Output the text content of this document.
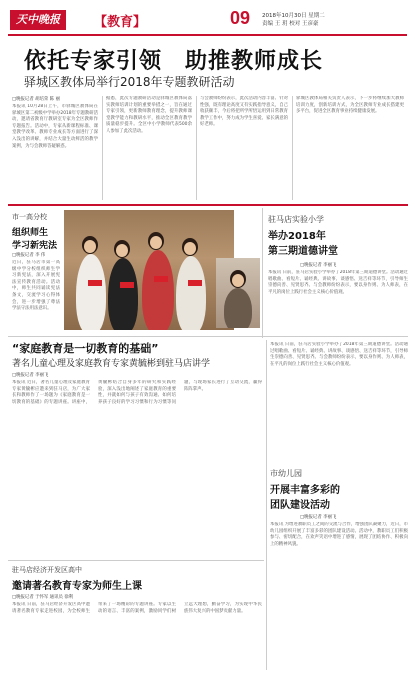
天中晚报	【教育】	09 2018年10月30日 星期二
责编 王 玥 校对 王彦豪
依托专家引领　助推教师成长
驿城区教体局举行2018年专题教研活动
□晚报记者 胡培荣 陈 丽
本报讯 10月28日上午，市驿城区教体局在驿城区第二初级中学举办2018年专题教研活动，邀请省教育厅教研室专家为全区教师作专题报告。活动中，专家从新课程标准、课堂教学改革、教师专业成长等方面进行了深入浅出的讲解，并结合大量生动鲜活的教学案例，为与会教师答疑解惑。
据悉，此次专题教研活动是驿城区教体局落实教师培训计划的重要举措之一，旨在通过专家引领，更新教师教育理念，提升教师课堂教学能力和教研水平，推动全区教育教学质量稳步提升。全区中小学教师代表500余人参加了此次活动。
与会教师纷纷表示，此次活动内容丰富、针对性强，既有理论高度又有实践指导意义，自己收获颇丰，今后将把所学所悟运用到日常教育教学工作中，努力成为学生喜爱、家长满意的好老师。
驿城区教体局相关负责人表示，下一步将继续加大教师培训力度，创新培训方式，为全区教师专业成长搭建更多平台，促进全区教育事业持续健康发展。
市一高分校
组织师生
学习新宪法
□晚报记者 李 伟
近日，驻马店市第一高级中学分校组织师生学习新宪法，深入开展宪法宣传教育活动。活动中，师生共同诵读宪法条文，交流学习心得体会，进一步增强了尊法学法守法用法意识。
驻马店实验小学
举办2018年
第三期道德讲堂
□晚报记者 李丽飞
本报讯 日前，驻马店实验小学举办了2018年第三期道德讲堂。活动通过唱歌曲、看短片、诵经典、讲故事、谈感悟、送吉祥等环节，引导师生崇德向善、见贤思齐。与会教师纷纷表示，要以身作则、为人师表，在平凡的岗位上践行社会主义核心价值观。
“家庭教育是一切教育的基础”
著名儿童心理及家庭教育专家黄毓彬到驻马店讲学
□晚报记者 李丽飞
本报讯 近日，著名儿童心理及家庭教育专家黄毓彬应邀来到驻马店，为广大家长和教师作了一场题为《家庭教育是一切教育的基础》的专题讲座。讲座中，黄毓彬结合自身多年的研究和实践经验，深入浅出地阐述了家庭教育的重要性，并就如何与孩子有效沟通、如何培养孩子良好的学习习惯和行为习惯等问题，与现场家长进行了互动交流，赢得阵阵掌声。
本报讯 日前，驻马店实验小学举办了2018年第三期道德讲堂。活动通过唱歌曲、看短片、诵经典、讲故事、谈感悟、送吉祥等环节，引导师生崇德向善、见贤思齐。与会教师纷纷表示，要以身作则、为人师表，在平凡的岗位上践行社会主义核心价值观。
市幼儿园
开展丰富多彩的
团队建设活动
□晚报记者 李丽飞
本报讯 为增进教职员工之间的交流与合作，增强团队凝聚力，近日，市幼儿园组织开展了丰富多彩的团队建设活动。活动中，教职员工们积极参与、密切配合，在欢声笑语中增进了感情，展现了团结协作、积极向上的精神风貌。
驻马店经济开发区高中
邀请著名教育专家为师生上课
□晚报记者 于怀军 通讯员 徐利
本报讯 日前，驻马店经济开发区高中邀请著名教育专家走进校园，为全校师生带来了一场精彩的专题讲座。专家以生动的语言、丰富的案例，激励同学们树立远大理想，勤奋学习，为实现中华民族伟大复兴的中国梦贡献力量。
